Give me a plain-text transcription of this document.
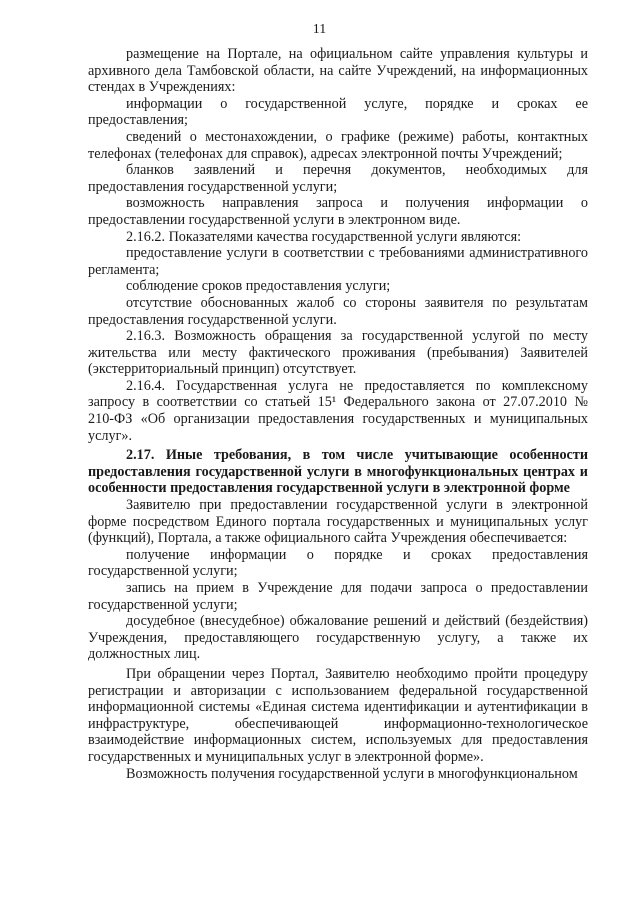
11
размещение на Портале, на официальном сайте управления культуры и
архивного дела Тамбовской области, на сайте Учреждений, на информационных
стендах в Учреждениях:
информации о государственной услуге, порядке и сроках ее
предоставления;
сведений о местонахождении, о графике (режиме) работы, контактных
телефонах (телефонах для справок), адресах электронной почты Учреждений;
бланков заявлений и перечня документов, необходимых для
предоставления государственной услуги;
возможность направления запроса и получения информации о
предоставлении государственной услуги в электронном виде.
2.16.2. Показателями качества государственной услуги являются:
предоставление услуги в соответствии с требованиями административного
регламента;
соблюдение сроков предоставления услуги;
отсутствие обоснованных жалоб со стороны заявителя по результатам
предоставления государственной услуги.
2.16.3. Возможность обращения за государственной услугой по месту
жительства или месту фактического проживания (пребывания) Заявителей
(экстерриториальный принцип) отсутствует.
2.16.4. Государственная услуга не предоставляется по комплексному
запросу в соответствии со статьей 15¹ Федерального закона от 27.07.2010 №
210-ФЗ «Об организации предоставления государственных и муниципальных
услуг».
2.17. Иные требования, в том числе учитывающие особенности
предоставления государственной услуги в многофункциональных центрах и
особенности предоставления государственной услуги в электронной форме
Заявителю при предоставлении государственной услуги в электронной
форме посредством Единого портала государственных и муниципальных услуг
(функций), Портала, а также официального сайта Учреждения обеспечивается:
получение информации о порядке и сроках предоставления
государственной услуги;
запись на прием в Учреждение для подачи запроса о предоставлении
государственной услуги;
досудебное (внесудебное) обжалование решений и действий (бездействия)
Учреждения, предоставляющего государственную услугу, а также их
должностных лиц.
При обращении через Портал, Заявителю необходимо пройти процедуру
регистрации и авторизации с использованием федеральной государственной
информационной системы «Единая система идентификации и аутентификации в
инфраструктуре, обеспечивающей информационно-технологическое
взаимодействие информационных систем, используемых для предоставления
государственных и муниципальных услуг в электронной форме».
Возможность получения государственной услуги в многофункциональном
